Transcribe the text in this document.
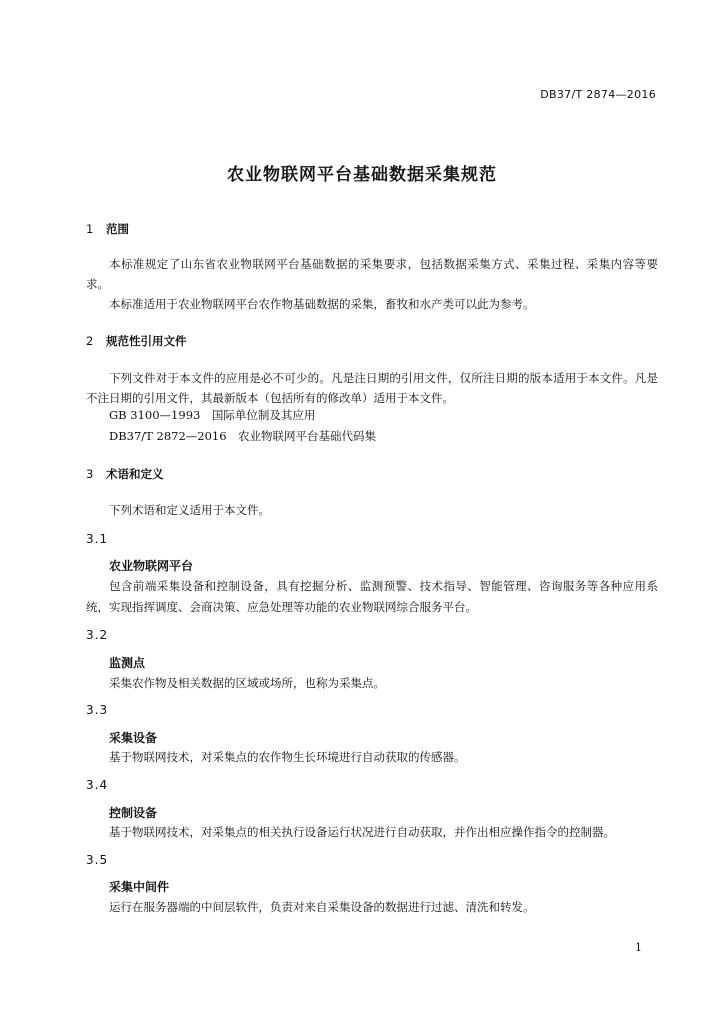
DB37/T 2874—2016
农业物联网平台基础数据采集规范
1 范围
本标准规定了山东省农业物联网平台基础数据的采集要求，包括数据采集方式、采集过程、采集内容等要求。
本标准适用于农业物联网平台农作物基础数据的采集，畜牧和水产类可以此为参考。
2 规范性引用文件
下列文件对于本文件的应用是必不可少的。凡是注日期的引用文件，仅所注日期的版本适用于本文件。凡是不注日期的引用文件，其最新版本（包括所有的修改单）适用于本文件。
GB 3100—1993　国际单位制及其应用
DB37/T 2872—2016　农业物联网平台基础代码集
3 术语和定义
下列术语和定义适用于本文件。
3.1
农业物联网平台
包含前端采集设备和控制设备，具有挖掘分析、监测预警、技术指导、智能管理、咨询服务等各种应用系统，实现指挥调度、会商决策、应急处理等功能的农业物联网综合服务平台。
3.2
监测点
采集农作物及相关数据的区域或场所，也称为采集点。
3.3
采集设备
基于物联网技术，对采集点的农作物生长环境进行自动获取的传感器。
3.4
控制设备
基于物联网技术，对采集点的相关执行设备运行状况进行自动获取，并作出相应操作指令的控制器。
3.5
采集中间件
运行在服务器端的中间层软件，负责对来自采集设备的数据进行过滤、清洗和转发。
1
